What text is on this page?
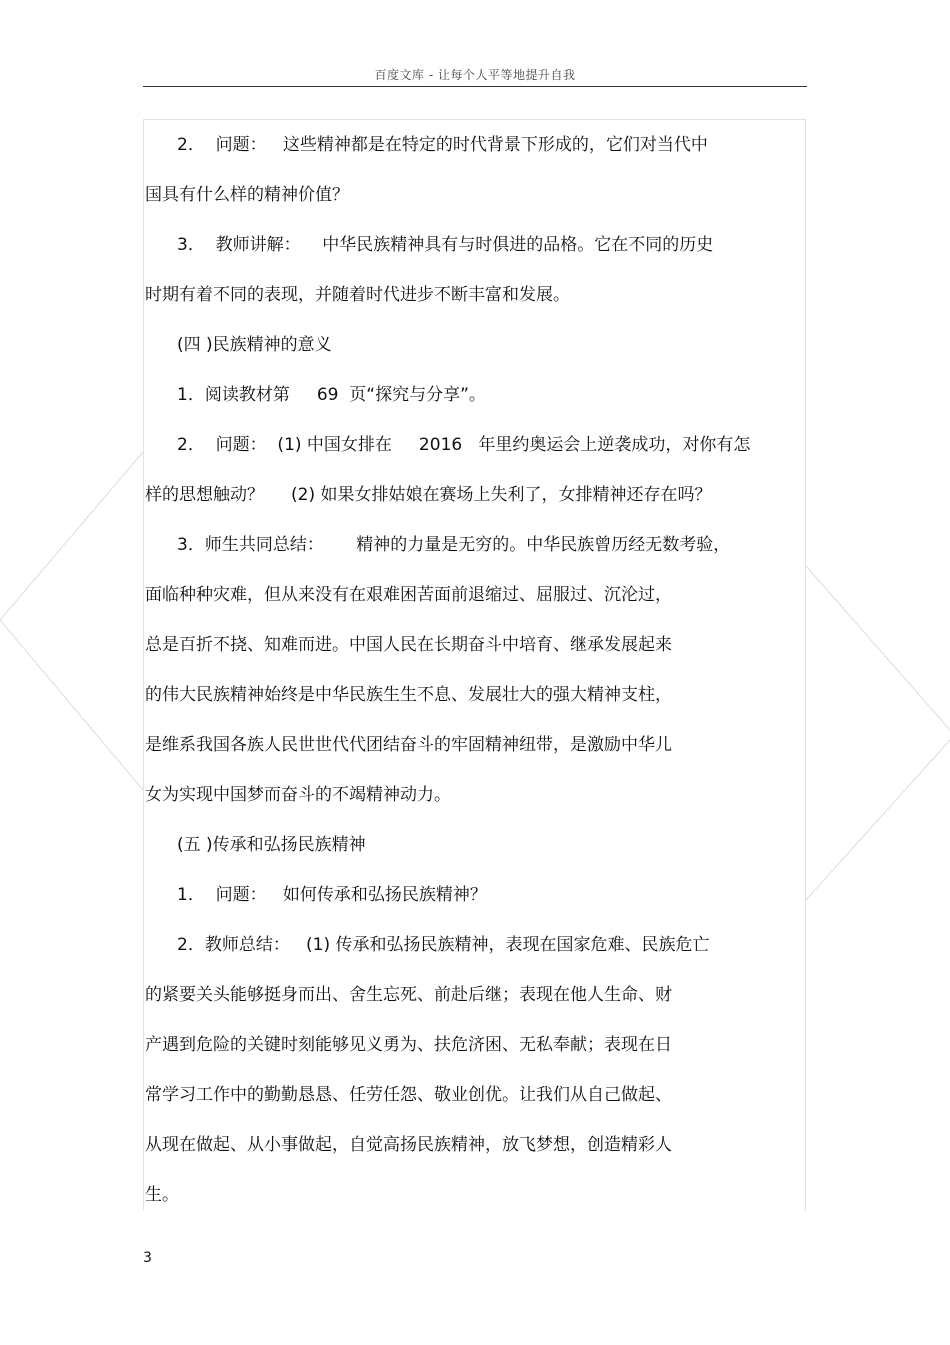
百度文库 - 让每个人平等地提升自我
2．  问题：   这些精神都是在特定的时代背景下形成的，它们对当代中
国具有什么样的精神价值？
3．  教师讲解：    中华民族精神具有与时俱进的品格。它在不同的历史
时期有着不同的表现，并随着时代进步不断丰富和发展。
(四 )民族精神的意义
1．阅读教材第     69  页“探究与分享”。
2．  问题：  (1) 中国女排在     2016   年里约奥运会上逆袭成功，对你有怎
样的思想触动？     (2) 如果女排姑娘在赛场上失利了，女排精神还存在吗？
3．师生共同总结：      精神的力量是无穷的。中华民族曾历经无数考验，
面临种种灾难，但从来没有在艰难困苦面前退缩过、屈服过、沉沦过，
总是百折不挠、知难而进。中国人民在长期奋斗中培育、继承发展起来
的伟大民族精神始终是中华民族生生不息、发展壮大的强大精神支柱，
是维系我国各族人民世世代代团结奋斗的牢固精神纽带，是激励中华儿
女为实现中国梦而奋斗的不竭精神动力。
(五 )传承和弘扬民族精神
1．  问题：   如何传承和弘扬民族精神？
2．教师总结：   (1) 传承和弘扬民族精神，表现在国家危难、民族危亡
的紧要关头能够挺身而出、舍生忘死、前赴后继；表现在他人生命、财
产遇到危险的关键时刻能够见义勇为、扶危济困、无私奉献；表现在日
常学习工作中的勤勤恳恳、任劳任怨、敬业创优。让我们从自己做起、
从现在做起、从小事做起，自觉高扬民族精神，放飞梦想，创造精彩人
生。
3
